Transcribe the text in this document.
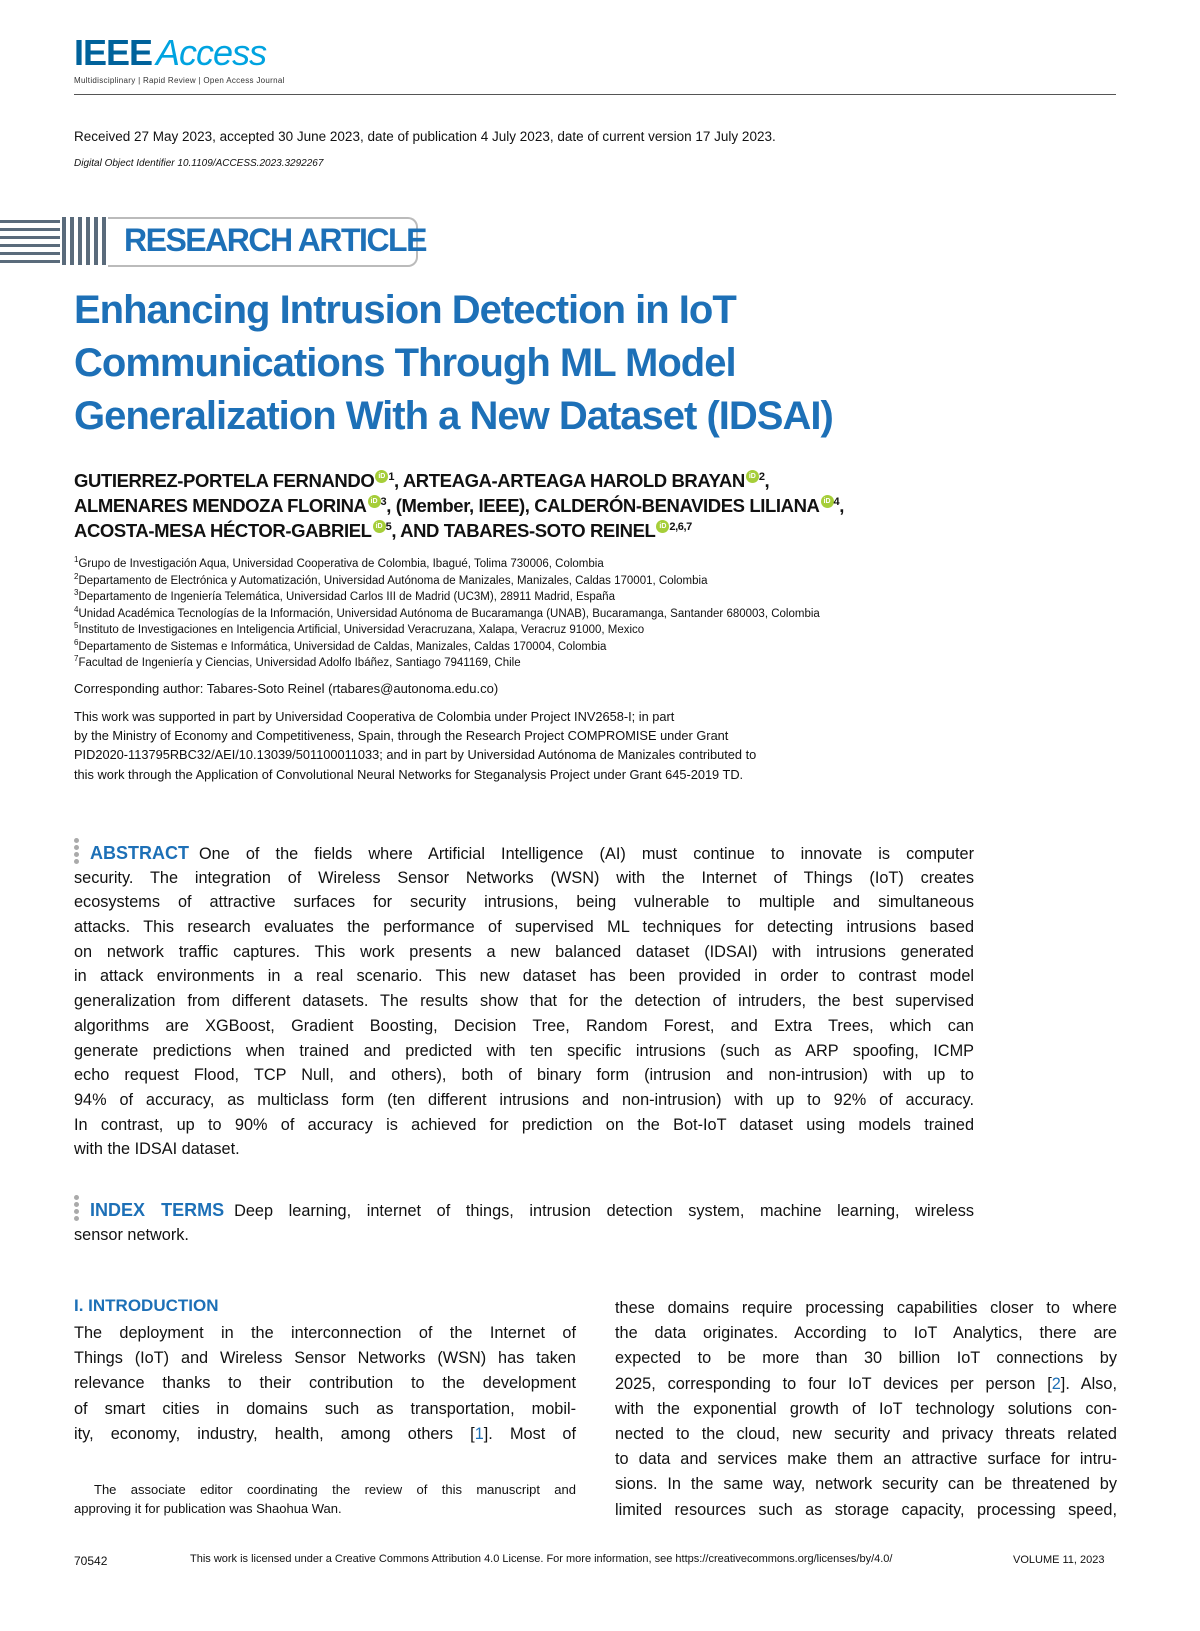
IEEE Access
Multidisciplinary | Rapid Review | Open Access Journal
Received 27 May 2023, accepted 30 June 2023, date of publication 4 July 2023, date of current version 17 July 2023.
Digital Object Identifier 10.1109/ACCESS.2023.3292267
RESEARCH ARTICLE
Enhancing Intrusion Detection in IoT
Communications Through ML Model
Generalization With a New Dataset (IDSAI)
GUTIERREZ-PORTELA FERNANDO iD $^1$, ARTEAGA-ARTEAGA HAROLD BRAYAN iD $^2$,
ALMENARES MENDOZA FLORINA iD $^3$, (Member, IEEE), CALDERÓN-BENAVIDES LILIANA iD $^4$,
ACOSTA-MESA HÉCTOR-GABRIEL iD $^5$, AND TABARES-SOTO REINEL iD $^{2,6,7}$
$^1$Grupo de Investigación Aqua, Universidad Cooperativa de Colombia, Ibagué, Tolima 730006, Colombia
$^2$Departamento de Electrónica y Automatización, Universidad Autónoma de Manizales, Manizales, Caldas 170001, Colombia
$^3$Departamento de Ingeniería Telemática, Universidad Carlos III de Madrid (UC3M), 28911 Madrid, España
$^4$Unidad Académica Tecnologías de la Información, Universidad Autónoma de Bucaramanga (UNAB), Bucaramanga, Santander 680003, Colombia
$^5$Instituto de Investigaciones en Inteligencia Artificial, Universidad Veracruzana, Xalapa, Veracruz 91000, Mexico
$^6$Departamento de Sistemas e Informática, Universidad de Caldas, Manizales, Caldas 170004, Colombia
$^7$Facultad de Ingeniería y Ciencias, Universidad Adolfo Ibáñez, Santiago 7941169, Chile
Corresponding author: Tabares-Soto Reinel (rtabares@autonoma.edu.co)
This work was supported in part by Universidad Cooperativa de Colombia under Project INV2658-I; in part
by the Ministry of Economy and Competitiveness, Spain, through the Research Project COMPROMISE under Grant
PID2020-113795RBC32/AEI/10.13039/501100011033; and in part by Universidad Autónoma de Manizales contributed to
this work through the Application of Convolutional Neural Networks for Steganalysis Project under Grant 645-2019 TD.
ABSTRACT One of the fields where Artificial Intelligence (AI) must continue to innovate is computer
security. The integration of Wireless Sensor Networks (WSN) with the Internet of Things (IoT) creates
ecosystems of attractive surfaces for security intrusions, being vulnerable to multiple and simultaneous
attacks. This research evaluates the performance of supervised ML techniques for detecting intrusions based
on network traffic captures. This work presents a new balanced dataset (IDSAI) with intrusions generated
in attack environments in a real scenario. This new dataset has been provided in order to contrast model
generalization from different datasets. The results show that for the detection of intruders, the best supervised
algorithms are XGBoost, Gradient Boosting, Decision Tree, Random Forest, and Extra Trees, which can
generate predictions when trained and predicted with ten specific intrusions (such as ARP spoofing, ICMP
echo request Flood, TCP Null, and others), both of binary form (intrusion and non-intrusion) with up to
94% of accuracy, as multiclass form (ten different intrusions and non-intrusion) with up to 92% of accuracy.
In contrast, up to 90% of accuracy is achieved for prediction on the Bot-IoT dataset using models trained
with the IDSAI dataset.
INDEX TERMS Deep learning, internet of things, intrusion detection system, machine learning, wireless
sensor network.
I. INTRODUCTION
The deployment in the interconnection of the Internet of
Things (IoT) and Wireless Sensor Networks (WSN) has taken
relevance thanks to their contribution to the development
of smart cities in domains such as transportation, mobil-
ity, economy, industry, health, among others [1]. Most of
these domains require processing capabilities closer to where
the data originates. According to IoT Analytics, there are
expected to be more than 30 billion IoT connections by
2025, corresponding to four IoT devices per person [2]. Also,
with the exponential growth of IoT technology solutions con-
nected to the cloud, new security and privacy threats related
to data and services make them an attractive surface for intru-
sions. In the same way, network security can be threatened by
limited resources such as storage capacity, processing speed,
The associate editor coordinating the review of this manuscript and
approving it for publication was Shaohua Wan.
70542	This work is licensed under a Creative Commons Attribution 4.0 License. For more information, see https://creativecommons.org/licenses/by/4.0/	VOLUME 11, 2023
